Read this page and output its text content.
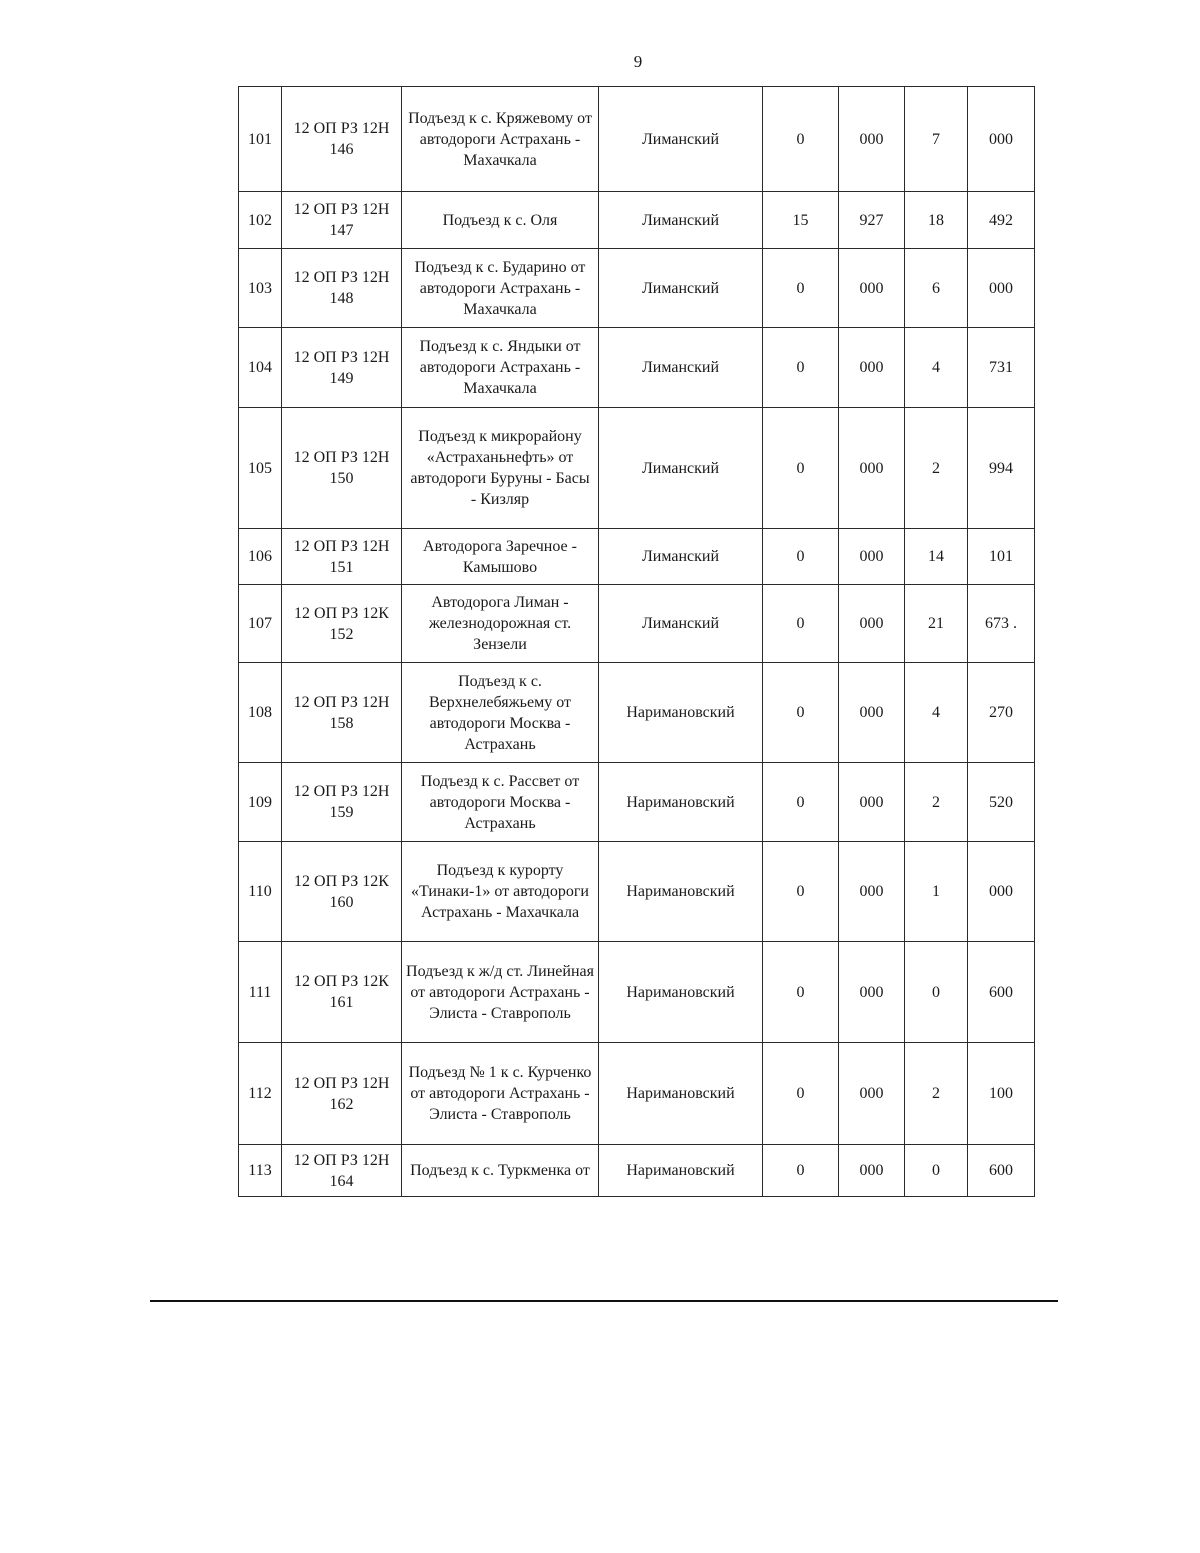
9
101	12 ОП РЗ 12Н 146	Подъезд к с. Кряжевому от автодороги Астрахань - Махачкала	Лиманский	0	000	7	000
102	12 ОП РЗ 12Н 147	Подъезд к с. Оля	Лиманский	15	927	18	492
103	12 ОП РЗ 12Н 148	Подъезд к с. Бударино от автодороги Астрахань - Махачкала	Лиманский	0	000	6	000
104	12 ОП РЗ 12Н 149	Подъезд к с. Яндыки от автодороги Астрахань - Махачкала	Лиманский	0	000	4	731
105	12 ОП РЗ 12Н 150	Подъезд к микрорайону «Астраханьнефть» от автодороги Буруны - Басы - Кизляр	Лиманский	0	000	2	994
106	12 ОП РЗ 12Н 151	Автодорога Заречное - Камышово	Лиманский	0	000	14	101
107	12 ОП РЗ 12К 152	Автодорога Лиман - железнодорожная ст. Зензели	Лиманский	0	000	21	673 .
108	12 ОП РЗ 12Н 158	Подъезд к с. Верхнелебяжьему от автодороги Москва - Астрахань	Наримановский	0	000	4	270
109	12 ОП РЗ 12Н 159	Подъезд к с. Рассвет от автодороги Москва - Астрахань	Наримановский	0	000	2	520
110	12 ОП РЗ 12К 160	Подъезд к курорту «Тинаки-1» от автодороги Астрахань - Махачкала	Наримановский	0	000	1	000
111	12 ОП РЗ 12К 161	Подъезд к ж/д ст. Линейная от автодороги Астрахань - Элиста - Ставрополь	Наримановский	0	000	0	600
112	12 ОП РЗ 12Н 162	Подъезд № 1 к с. Курченко от автодороги Астрахань - Элиста - Ставрополь	Наримановский	0	000	2	100
113	12 ОП РЗ 12Н 164	Подъезд к с. Туркменка от	Наримановский	0	000	0	600
